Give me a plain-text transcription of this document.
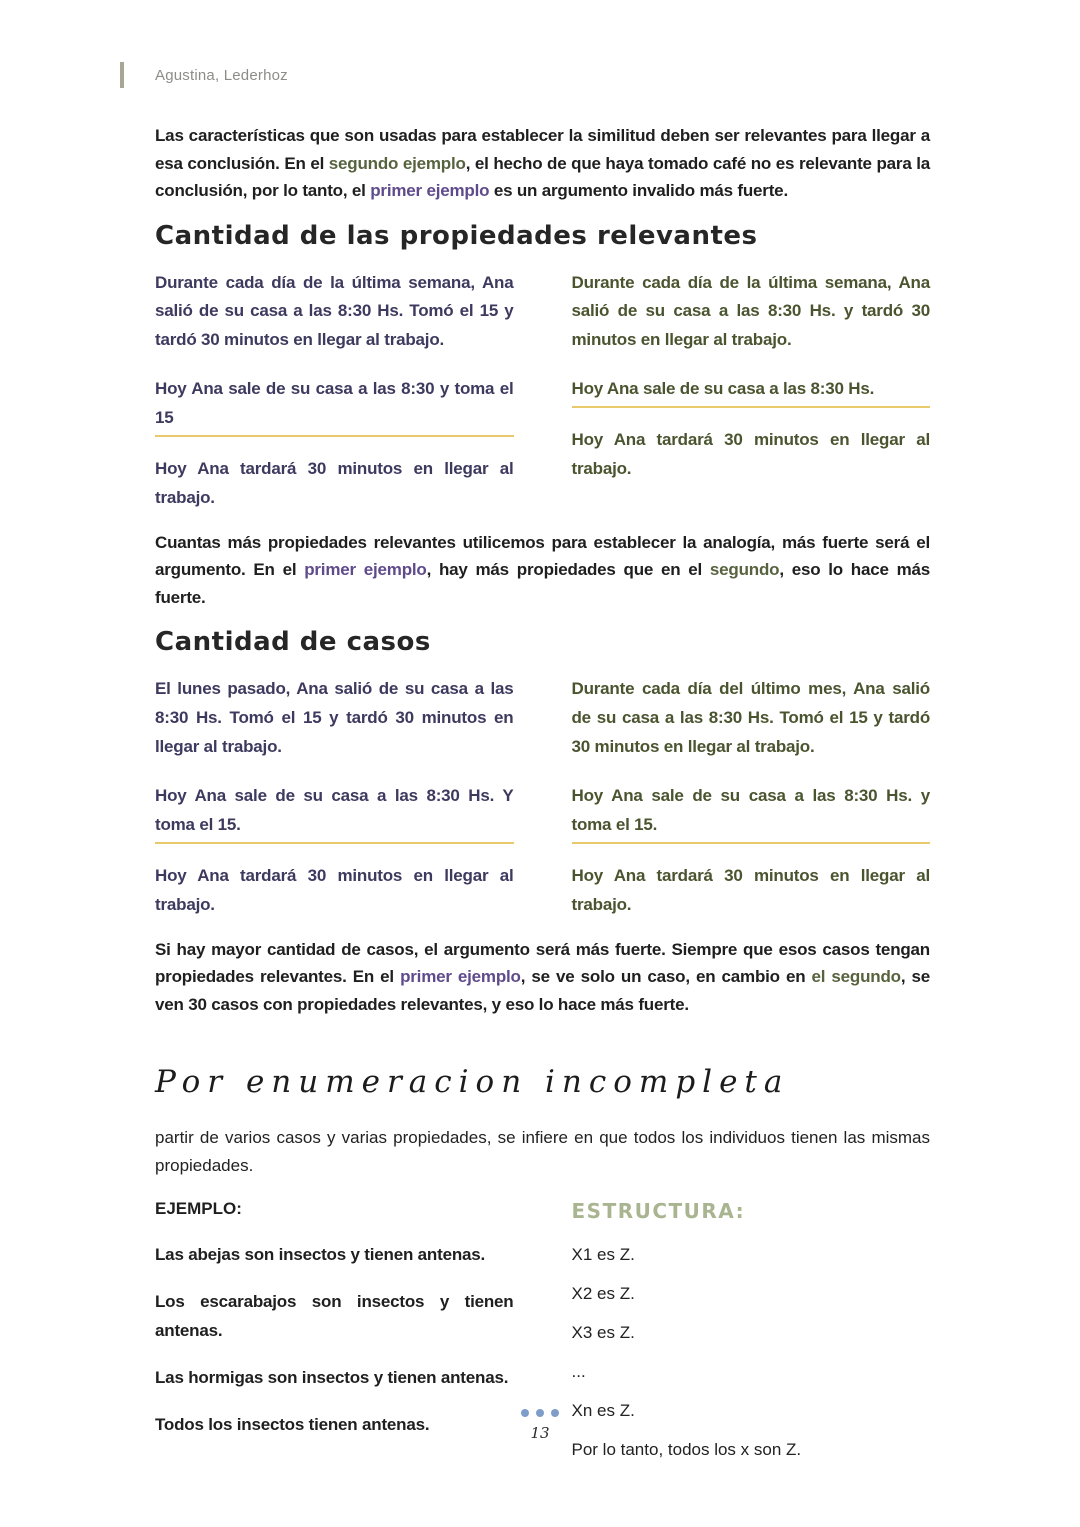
Agustina, Lederhoz

Las características que son usadas para establecer la similitud deben ser relevantes para llegar a esa conclusión. En el segundo ejemplo, el hecho de que haya tomado café no es relevante para la conclusión, por lo tanto, el primer ejemplo es un argumento invalido más fuerte.

Cantidad de las propiedades relevantes

Durante cada día de la última semana, Ana salió de su casa a las 8:30 Hs. Tomó el 15 y tardó 30 minutos en llegar al trabajo.

Hoy Ana sale de su casa a las 8:30 y toma el 15

Hoy Ana tardará 30 minutos en llegar al trabajo.

Durante cada día de la última semana, Ana salió de su casa a las 8:30 Hs. y tardó 30 minutos en llegar al trabajo.

Hoy Ana sale de su casa a las 8:30 Hs.

Hoy Ana tardará 30 minutos en llegar al trabajo.

Cuantas más propiedades relevantes utilicemos para establecer la analogía, más fuerte será el argumento. En el primer ejemplo, hay más propiedades que en el segundo, eso lo hace más fuerte.

Cantidad de casos

El lunes pasado, Ana salió de su casa a las 8:30 Hs. Tomó el 15 y tardó 30 minutos en llegar al trabajo.

Hoy Ana sale de su casa a las 8:30 Hs. Y toma el 15.

Hoy Ana tardará 30 minutos en llegar al trabajo.

Durante cada día del último mes, Ana salió de su casa a las 8:30 Hs. Tomó el 15 y tardó 30 minutos en llegar al trabajo.

Hoy Ana sale de su casa a las 8:30 Hs. y toma el 15.

Hoy Ana tardará 30 minutos en llegar al trabajo.

Si hay mayor cantidad de casos, el argumento será más fuerte. Siempre que esos casos tengan propiedades relevantes. En el primer ejemplo, se ve solo un caso, en cambio en el segundo, se ven 30 casos con propiedades relevantes, y eso lo hace más fuerte.

Por enumeracion incompleta

partir de varios casos y varias propiedades, se infiere en que todos los individuos tienen las mismas propiedades.

EJEMPLO:

Las abejas son insectos y tienen antenas.

Los escarabajos son insectos y tienen antenas.

Las hormigas son insectos y tienen antenas.

Todos los insectos tienen antenas.

ESTRUCTURA:

X1 es Z.

X2 es Z.

X3 es Z.

...

Xn es Z.

Por lo tanto, todos los x son Z.

13
